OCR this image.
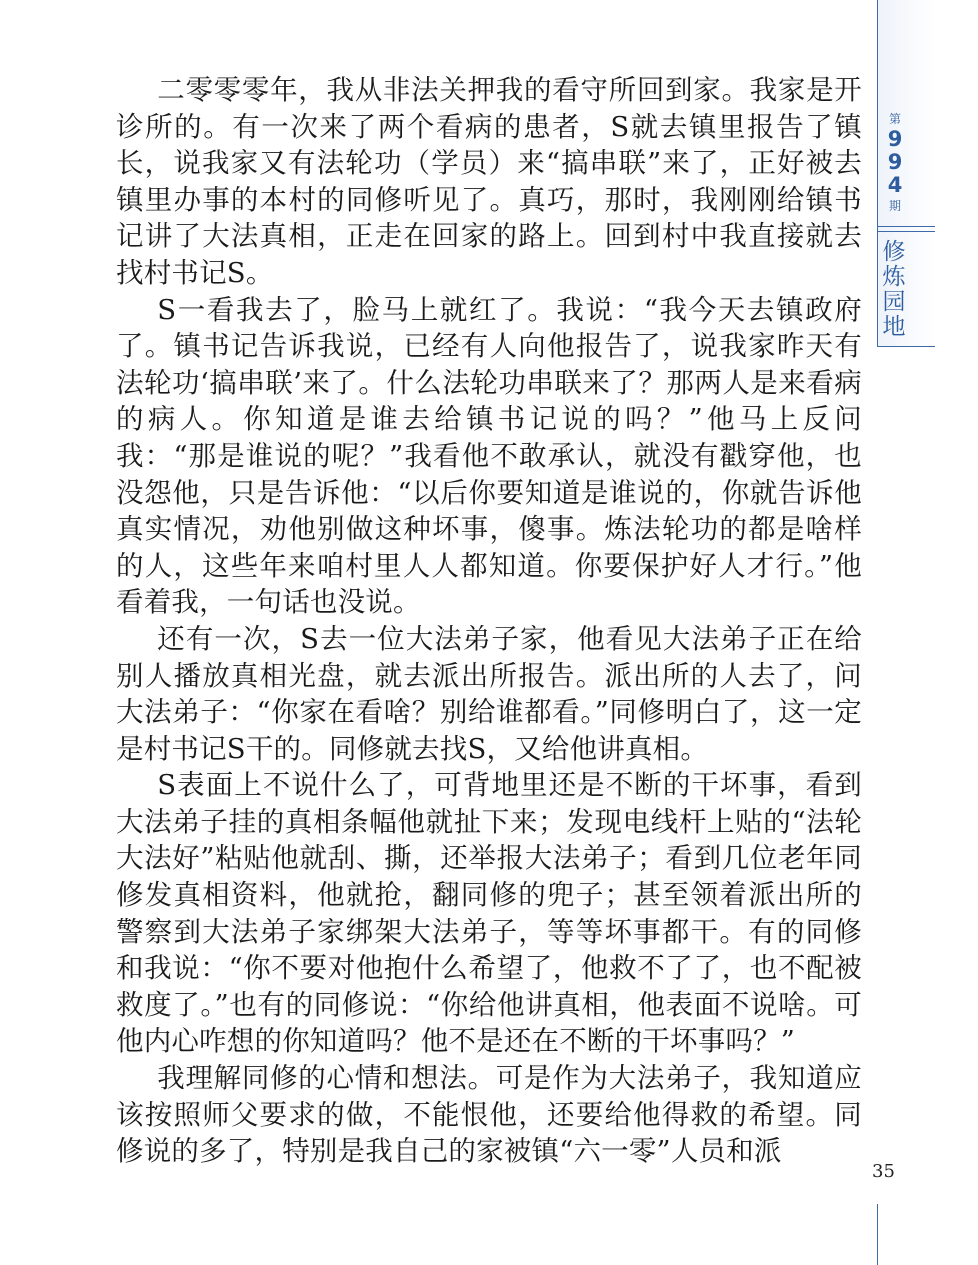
第
9
9
4
期
修炼园地

二零零零年，我从非法关押我的看守所回到家。我家是开诊所的。有一次来了两个看病的患者，S就去镇里报告了镇长，说我家又有法轮功（学员）来“搞串联”来了，正好被去镇里办事的本村的同修听见了。真巧，那时，我刚刚给镇书记讲了大法真相，正走在回家的路上。回到村中我直接就去找村书记S。

S一看我去了，脸马上就红了。我说：“我今天去镇政府了。镇书记告诉我说，已经有人向他报告了，说我家昨天有法轮功‘搞串联’来了。什么法轮功串联来了？那两人是来看病的病人。你知道是谁去给镇书记说的吗？”他马上反问我：“那是谁说的呢？”我看他不敢承认，就没有戳穿他，也没怨他，只是告诉他：“以后你要知道是谁说的，你就告诉他真实情况，劝他别做这种坏事，傻事。炼法轮功的都是啥样的人，这些年来咱村里人人都知道。你要保护好人才行。”他看着我，一句话也没说。

还有一次，S去一位大法弟子家，他看见大法弟子正在给别人播放真相光盘，就去派出所报告。派出所的人去了，问大法弟子：“你家在看啥？别给谁都看。”同修明白了，这一定是村书记S干的。同修就去找S，又给他讲真相。

S表面上不说什么了，可背地里还是不断的干坏事，看到大法弟子挂的真相条幅他就扯下来；发现电线杆上贴的“法轮大法好”粘贴他就刮、撕，还举报大法弟子；看到几位老年同修发真相资料，他就抢，翻同修的兜子；甚至领着派出所的警察到大法弟子家绑架大法弟子，等等坏事都干。有的同修和我说：“你不要对他抱什么希望了，他救不了了，也不配被救度了。”也有的同修说：“你给他讲真相，他表面不说啥。可他内心咋想的你知道吗？他不是还在不断的干坏事吗？”

我理解同修的心情和想法。可是作为大法弟子，我知道应该按照师父要求的做，不能恨他，还要给他得救的希望。同修说的多了，特别是我自己的家被镇“六一零”人员和派

35
